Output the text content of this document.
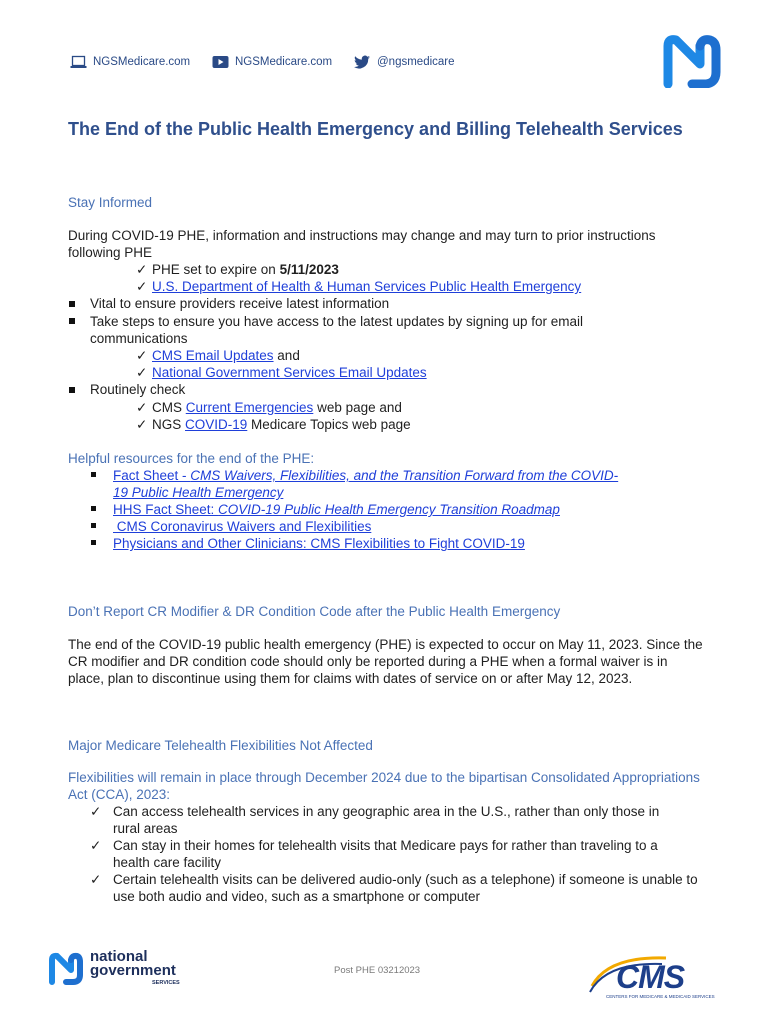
NGSMedicare.com	NGSMedicare.com	@ngsmedicare
The End of the Public Health Emergency and Billing Telehealth Services
Stay Informed
During COVID-19 PHE, information and instructions may change and may turn to prior instructions following PHE
✓ PHE set to expire on 5/11/2023
✓ U.S. Department of Health & Human Services Public Health Emergency
Vital to ensure providers receive latest information
Take steps to ensure you have access to the latest updates by signing up for email communications
✓ CMS Email Updates and
✓ National Government Services Email Updates
Routinely check
✓ CMS Current Emergencies web page and
✓ NGS COVID-19 Medicare Topics web page
Helpful resources for the end of the PHE:
Fact Sheet - CMS Waivers, Flexibilities, and the Transition Forward from the COVID-
19 Public Health Emergency
HHS Fact Sheet: COVID-19 Public Health Emergency Transition Roadmap
CMS Coronavirus Waivers and Flexibilities
Physicians and Other Clinicians: CMS Flexibilities to Fight COVID-19
Don’t Report CR Modifier & DR Condition Code after the Public Health Emergency
The end of the COVID-19 public health emergency (PHE) is expected to occur on May 11, 2023. Since the CR modifier and DR condition code should only be reported during a PHE when a formal waiver is in place, plan to discontinue using them for claims with dates of service on or after May 12, 2023.
Major Medicare Telehealth Flexibilities Not Affected
Flexibilities will remain in place through December 2024 due to the bipartisan Consolidated Appropriations Act (CCA), 2023:
✓ Can access telehealth services in any geographic area in the U.S., rather than only those in rural areas
✓ Can stay in their homes for telehealth visits that Medicare pays for rather than traveling to a health care facility
✓ Certain telehealth visits can be delivered audio-only (such as a telephone) if someone is unable to use both audio and video, such as a smartphone or computer
national
government
SERVICES
Post PHE 03212023	CMS
CENTERS FOR MEDICARE & MEDICAID SERVICES
